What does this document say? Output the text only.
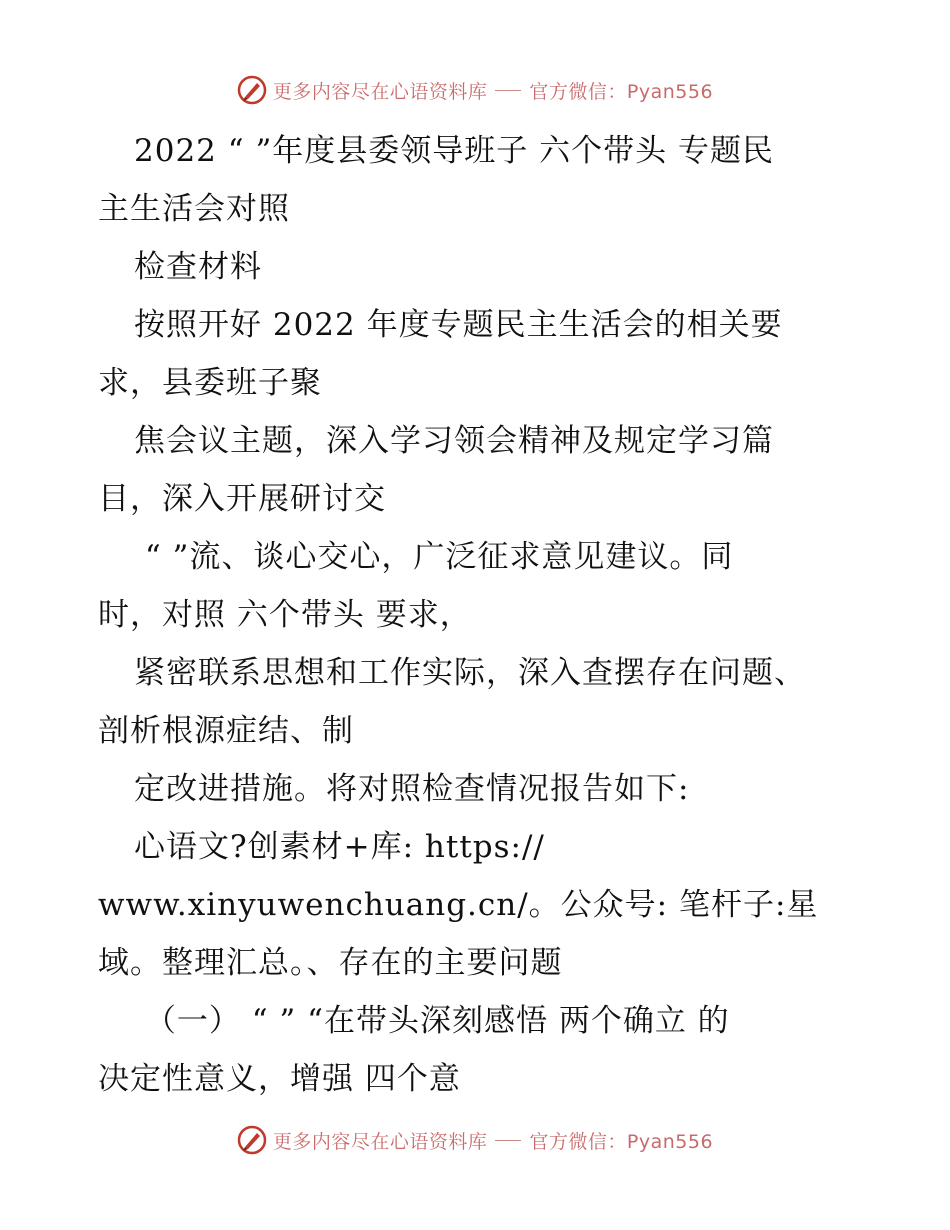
更多内容尽在心语资料库 官方微信：Pyan556
2022 “ ”年度县委领导班子 六个带头 专题民
主生活会对照
检查材料
按照开好 2022 年度专题民主生活会的相关要
求，县委班子聚
焦会议主题，深入学习领会精神及规定学习篇
目，深入开展研讨交
“ ”流、谈心交心，广泛征求意见建议。同
时，对照 六个带头 要求，
紧密联系思想和工作实际，深入查摆存在问题、
剖析根源症结、制
定改进措施。将对照检查情况报告如下:
心语文?创素材+库: https://
www.xinyuwenchuang.cn/。公众号: 笔杆子:星
域。整理汇总。、存在的主要问题
（一） “ ” “在带头深刻感悟 两个确立 的
决定性意义，增强 四个意
更多内容尽在心语资料库 官方微信：Pyan556
